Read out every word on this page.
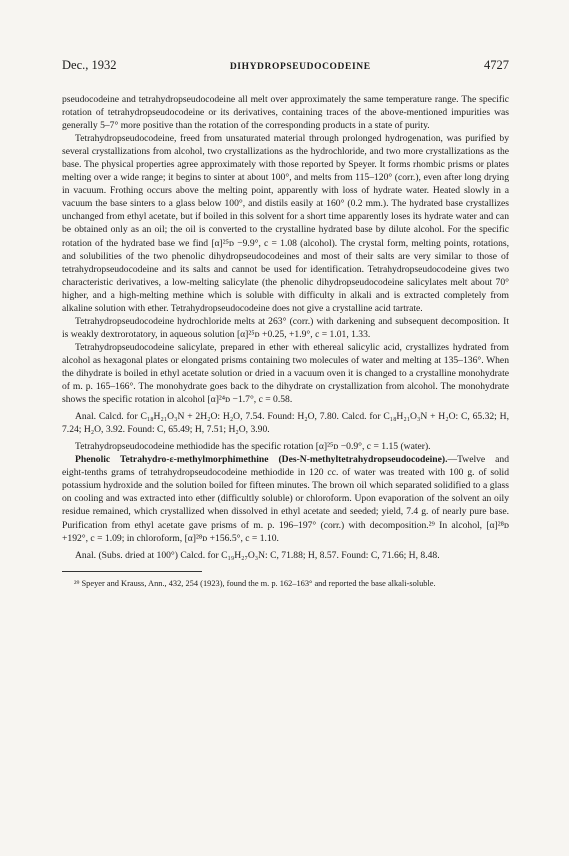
Dec., 1932	DIHYDROPSEUDOCODEINE	4727

pseudocodeine and tetrahydropseudocodeine all melt over approximately the same temperature range. The specific rotation of tetrahydropseudocodeine or its derivatives, containing traces of the above-mentioned impurities was generally 5–7° more positive than the rotation of the corresponding products in a state of purity.

Tetrahydropseudocodeine, freed from unsaturated material through prolonged hydrogenation, was purified by several crystallizations from alcohol, two crystallizations as the hydrochloride, and two more crystallizations as the base. The physical properties agree approximately with those reported by Speyer. It forms rhombic prisms or plates melting over a wide range; it begins to sinter at about 100°, and melts from 115–120° (corr.), even after long drying in vacuum. Frothing occurs above the melting point, apparently with loss of hydrate water. Heated slowly in a vacuum the base sinters to a glass below 100°, and distils easily at 160° (0.2 mm.). The hydrated base crystallizes unchanged from ethyl acetate, but if boiled in this solvent for a short time apparently loses its hydrate water and can be obtained only as an oil; the oil is converted to the crystalline hydrated base by dilute alcohol. For the specific rotation of the hydrated base we find [α]²⁵ᴅ −9.9°, c = 1.08 (alcohol). The crystal form, melting points, rotations, and solubilities of the two phenolic dihydropseudocodeines and most of their salts are very similar to those of tetrahydropseudocodeine and its salts and cannot be used for identification. Tetrahydropseudocodeine gives two characteristic derivatives, a low-melting salicylate (the phenolic dihydropseudocodeine salicylates melt about 70° higher, and a high-melting methine which is soluble with difficulty in alkali and is extracted completely from alkaline solution with ether. Tetrahydropseudocodeine does not give a crystalline acid tartrate.

Tetrahydropseudocodeine hydrochloride melts at 263° (corr.) with darkening and subsequent decomposition. It is weakly dextrorotatory, in aqueous solution [α]²⁵ᴅ +0.25, +1.9°, c = 1.01, 1.33.

Tetrahydropseudocodeine salicylate, prepared in ether with ethereal salicylic acid, crystallizes hydrated from alcohol as hexagonal plates or elongated prisms containing two molecules of water and melting at 135–136°. When the dihydrate is boiled in ethyl acetate solution or dried in a vacuum oven it is changed to a crystalline monohydrate of m. p. 165–166°. The monohydrate goes back to the dihydrate on crystallization from alcohol. The monohydrate shows the specific rotation in alcohol [α]²⁴ᴅ −1.7°, c = 0.58.

Anal. Calcd. for C₁₈H₂₁O₃N + 2H₂O: H₂O, 7.54. Found: H₂O, 7.80. Calcd. for C₁₈H₂₁O₃N + H₂O: C, 65.32; H, 7.24; H₂O, 3.92. Found: C, 65.49; H, 7.51; H₂O, 3.90.

Tetrahydropseudocodeine methiodide has the specific rotation [α]²⁵ᴅ −0.9°, c = 1.15 (water).

Phenolic Tetrahydro-ε-methylmorphimethine (Des-N-methyltetrahydropseudocodeine).—Twelve and eight-tenths grams of tetrahydropseudocodeine methiodide in 120 cc. of water was treated with 100 g. of solid potassium hydroxide and the solution boiled for fifteen minutes. The brown oil which separated solidified to a glass on cooling and was extracted into ether (difficultly soluble) or chloroform. Upon evaporation of the solvent an oily residue remained, which crystallized when dissolved in ethyl acetate and seeded; yield, 7.4 g. of nearly pure base. Purification from ethyl acetate gave prisms of m. p. 196–197° (corr.) with decomposition.²⁹ In alcohol, [α]²⁸ᴅ +192°, c = 1.09; in chloroform, [α]²⁸ᴅ +156.5°, c = 1.10.

Anal. (Subs. dried at 100°) Calcd. for C₁₉H₂₇O₃N: C, 71.88; H, 8.57. Found: C, 71.66; H, 8.48.

²⁹ Speyer and Krauss, Ann., 432, 254 (1923), found the m. p. 162–163° and reported the base alkali-soluble.
